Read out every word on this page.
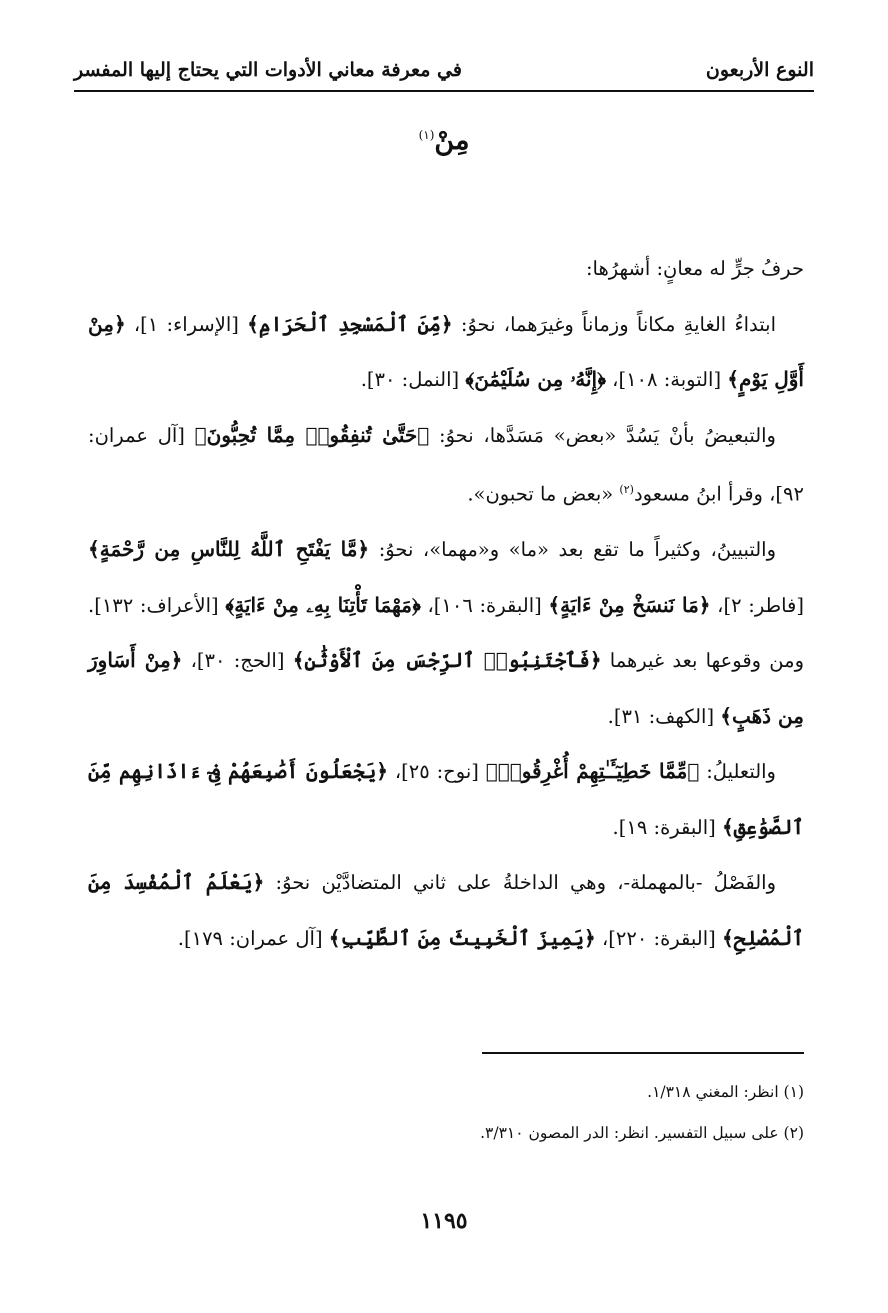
النوع الأربعون
في معرفة معاني الأدوات التي يحتاج إليها المفسر
مِنْ$^{(١)}$

حرفُ جرٍّ له معانٍ: أشهرُها:

ابتداءُ الغايةِ مكاناً وزماناً وغيرَهما، نحوُ: ﴿مِّنَ ٱلْمَسْجِدِ ٱلْحَرَامِ﴾ [الإسراء: ١]، ﴿مِنْ أَوَّلِ يَوْمٍ﴾ [التوبة: ١٠٨]، ﴿إِنَّهُۥ مِن سُلَيْمَٰنَ﴾ [النمل: ٣٠].

والتبعيضُ بأنْ يَسُدَّ «بعض» مَسَدَّها، نحوُ: ﴿حَتَّىٰ تُنفِقُوا۟ مِمَّا تُحِبُّونَ﴾ [آل عمران: ٩٢]، وقرأ ابنُ مسعود$^{(٢)}$ «بعض ما تحبون».

والتبيينُ، وكثيراً ما تقع بعد «ما» و«مهما»، نحوُ: ﴿مَّا يَفْتَحِ ٱللَّهُ لِلنَّاسِ مِن رَّحْمَةٍ﴾ [فاطر: ٢]، ﴿مَا نَنسَخْ مِنْ ءَايَةٍ﴾ [البقرة: ١٠٦]، ﴿مَهْمَا تَأْتِنَا بِهِۦ مِنْ ءَايَةٍ﴾ [الأعراف: ١٣٢]. ومن وقوعها بعد غيرهما ﴿فَٱجْتَنِبُوا۟ ٱلرِّجْسَ مِنَ ٱلْأَوْثَٰنِ﴾ [الحج: ٣٠]، ﴿مِنْ أَسَاوِرَ مِن ذَهَبٍ﴾ [الكهف: ٣١].

والتعليلُ: ﴿مِّمَّا خَطِيٓـَٔـٰتِهِمْ أُغْرِقُوا۟﴾ [نوح: ٢٥]، ﴿يَجْعَلُونَ أَصَٰبِعَهُمْ فِىٓ ءَاذَانِهِم مِّنَ ٱلصَّوَٰعِقِ﴾ [البقرة: ١٩].

والفَصْلُ -بالمهملة-، وهي الداخلةُ على ثاني المتضادَّيْن نحوُ: ﴿يَعْلَمُ ٱلْمُفْسِدَ مِنَ ٱلْمُصْلِحِ﴾ [البقرة: ٢٢٠]، ﴿يَمِيزَ ٱلْخَبِيثَ مِنَ ٱلطَّيِّبِ﴾ [آل عمران: ١٧٩].

(١) انظر: المغني ١/٣١٨.
(٢) على سبيل التفسير. انظر: الدر المصون ٣/٣١٠.
١١٩٥
